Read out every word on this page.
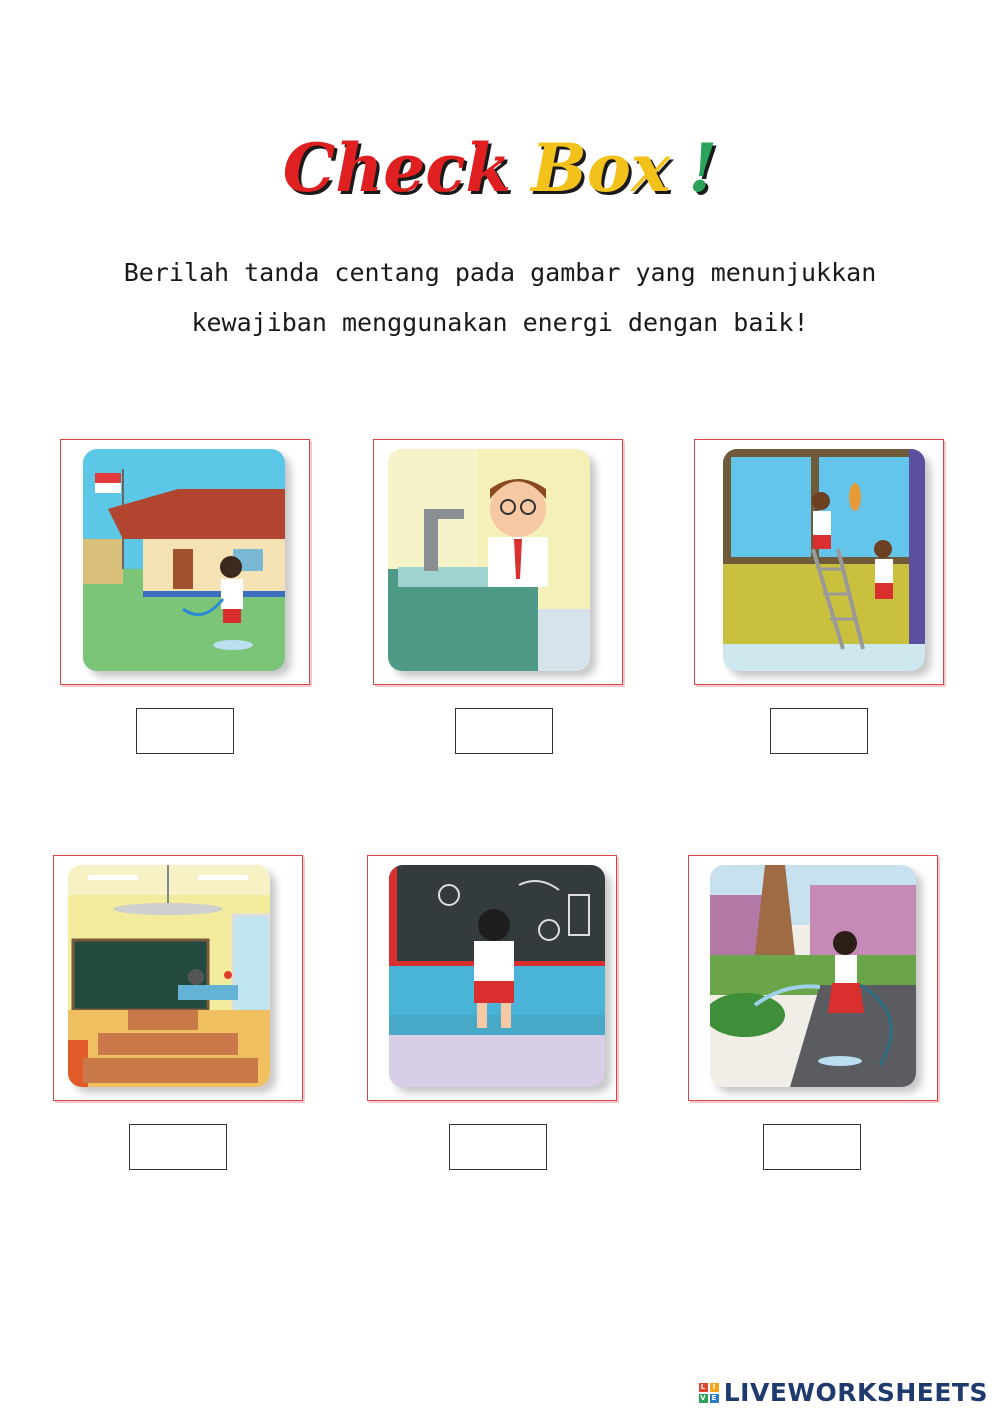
Check Box !
Berilah tanda centang pada gambar yang menunjukkan
kewajiban menggunakan energi dengan baik!
L I
V E LIVEWORKSHEETS
